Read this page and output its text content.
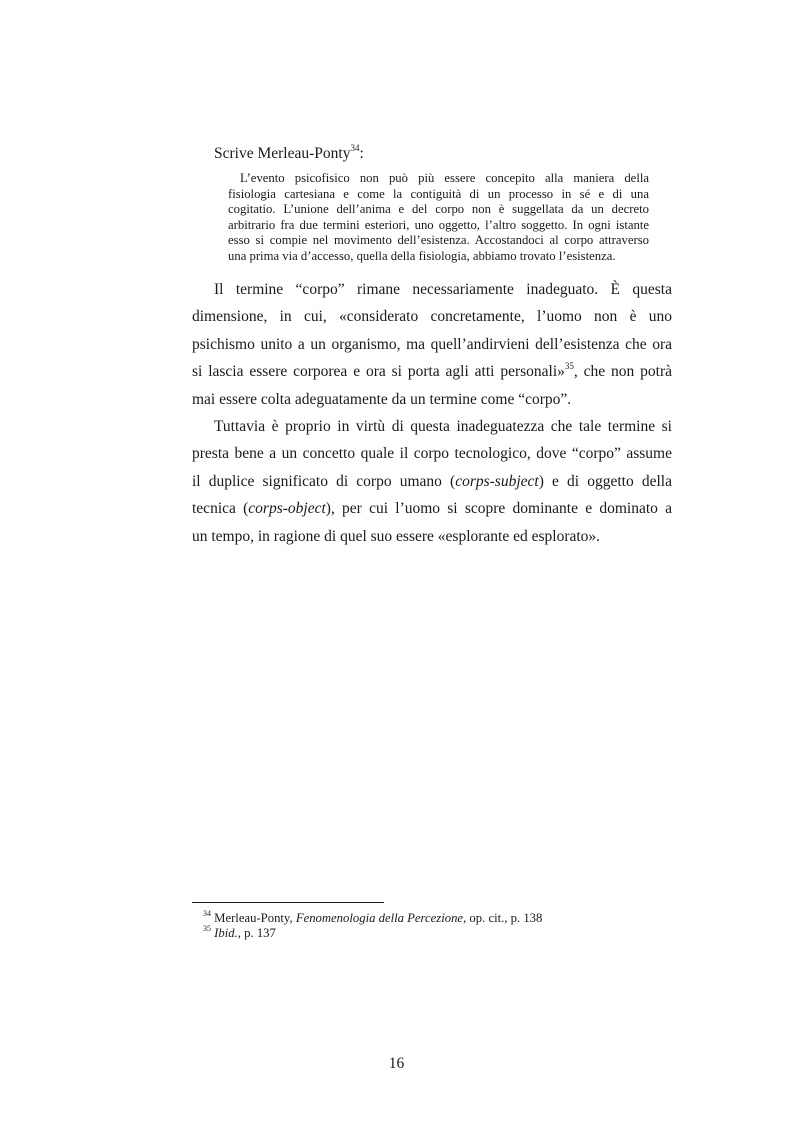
Scrive Merleau-Ponty$^{34}$:
L’evento psicofisico non può più essere concepito alla maniera della
fisiologia cartesiana e come la contiguità di un processo in sé e di una
cogitatio. L’unione dell’anima e del corpo non è suggellata da un decreto
arbitrario fra due termini esteriori, uno oggetto, l’altro soggetto. In ogni istante
esso si compie nel movimento dell’esistenza. Accostandoci al corpo attraverso
una prima via d’accesso, quella della fisiologia, abbiamo trovato l’esistenza.
Il termine “corpo” rimane necessariamente inadeguato. È questa
dimensione, in cui, «considerato concretamente, l’uomo non è uno
psichismo unito a un organismo, ma quell’andirvieni dell’esistenza che ora
si lascia essere corporea e ora si porta agli atti personali»$^{35}$, che non potrà
mai essere colta adeguatamente da un termine come “corpo”.
Tuttavia è proprio in virtù di questa inadeguatezza che tale termine si
presta bene a un concetto quale il corpo tecnologico, dove “corpo” assume
il duplice significato di corpo umano (corps-subject) e di oggetto della
tecnica (corps-object), per cui l’uomo si scopre dominante e dominato a
un tempo, in ragione di quel suo essere «esplorante ed esplorato».
$^{34}$ Merleau-Ponty, Fenomenologia della Percezione, op. cit., p. 138
$^{35}$ Ibid., p. 137
16
